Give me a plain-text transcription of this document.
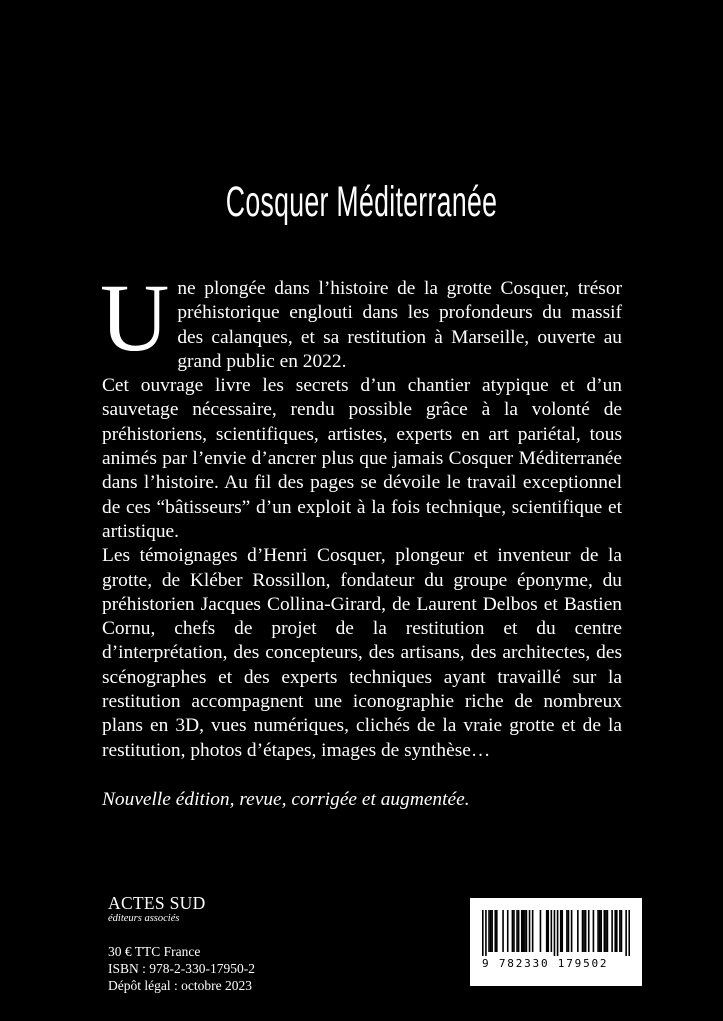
Cosquer Méditerranée

Une plongée dans l’histoire de la grotte Cosquer, trésor préhistorique englouti dans les profondeurs du massif des calanques, et sa restitution à Marseille, ouverte au grand public en 2022.

Cet ouvrage livre les secrets d’un chantier atypique et d’un sauvetage nécessaire, rendu possible grâce à la volonté de préhistoriens, scientifiques, artistes, experts en art pariétal, tous animés par l’envie d’ancrer plus que jamais Cosquer Méditerranée dans l’histoire. Au fil des pages se dévoile le travail exceptionnel de ces “bâtisseurs” d’un exploit à la fois technique, scientifique et artistique.

Les témoignages d’Henri Cosquer, plongeur et inventeur de la grotte, de Kléber Rossillon, fondateur du groupe éponyme, du préhistorien Jacques Collina-Girard, de Laurent Delbos et Bastien Cornu, chefs de projet de la restitution et du centre d’interprétation, des concepteurs, des artisans, des architectes, des scénographes et des experts techniques ayant travaillé sur la restitution accompagnent une iconographie riche de nombreux plans en 3D, vues numériques, clichés de la vraie grotte et de la restitution, photos d’étapes, images de synthèse…

Nouvelle édition, revue, corrigée et augmentée.

ACTES SUD
éditeurs associés
30 € TTC France
ISBN : 978-2-330-17950-2
Dépôt légal : octobre 2023
9 782330 179502
